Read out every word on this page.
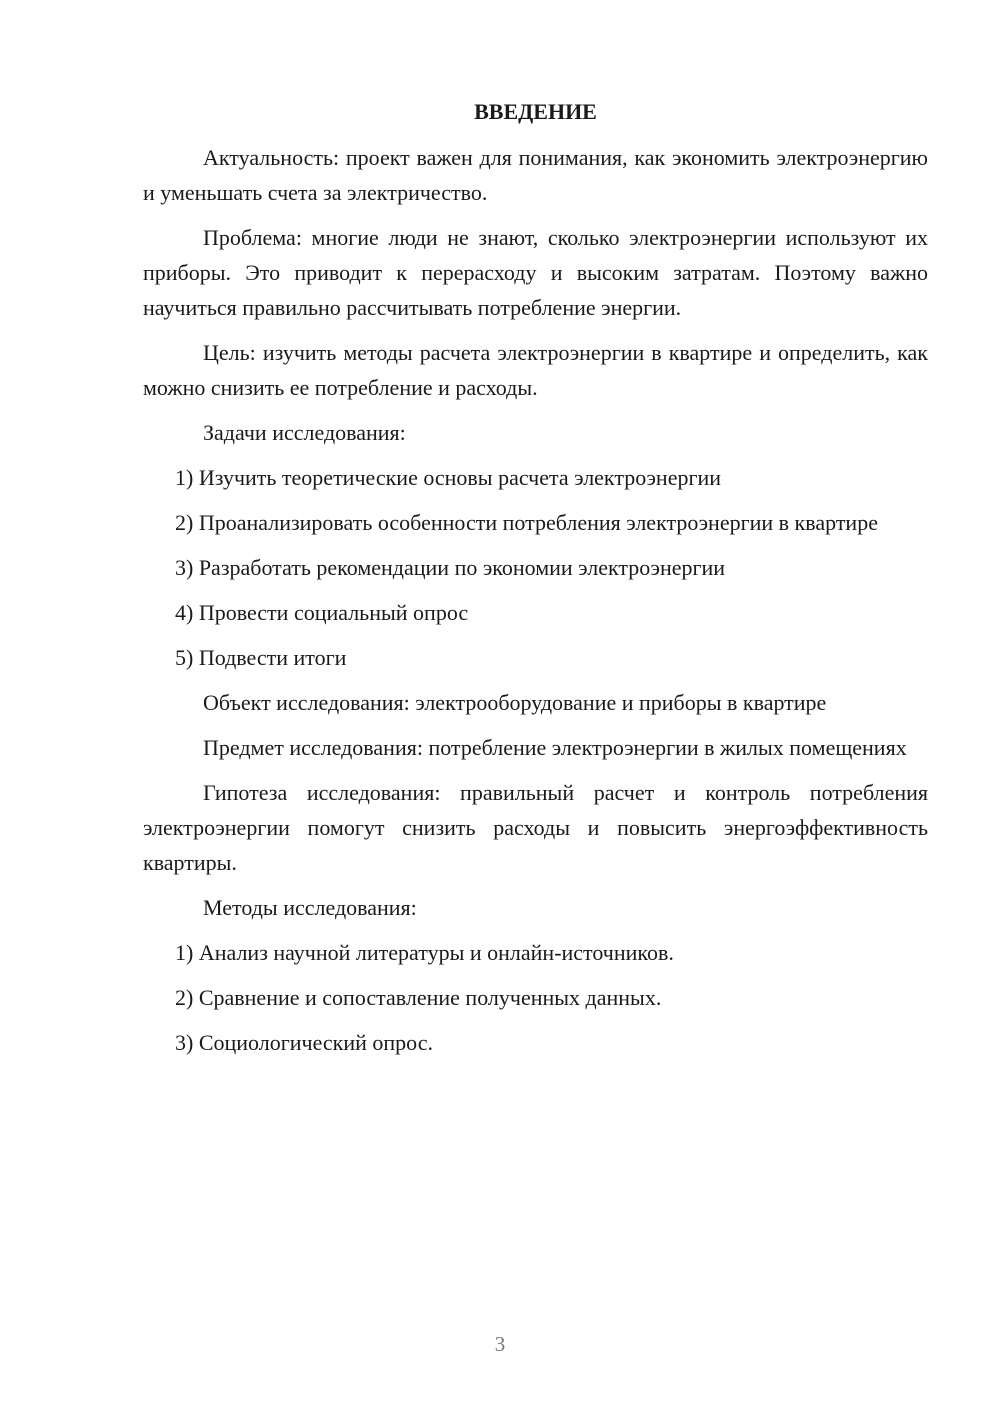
ВВЕДЕНИЕ

Актуальность: проект важен для понимания, как экономить электроэнергию и уменьшать счета за электричество.

Проблема: многие люди не знают, сколько электроэнергии используют их приборы. Это приводит к перерасходу и высоким затратам. Поэтому важно научиться правильно рассчитывать потребление энергии.

Цель: изучить методы расчета электроэнергии в квартире и определить, как можно снизить ее потребление и расходы.

Задачи исследования:

1) Изучить теоретические основы расчета электроэнергии

2) Проанализировать особенности потребления электроэнергии в квартире

3) Разработать рекомендации по экономии электроэнергии

4) Провести социальный опрос

5) Подвести итоги

Объект исследования: электрооборудование и приборы в квартире

Предмет исследования: потребление электроэнергии в жилых помещениях

Гипотеза исследования: правильный расчет и контроль потребления электроэнергии помогут снизить расходы и повысить энергоэффективность квартиры.

Методы исследования:

1) Анализ научной литературы и онлайн-источников.

2) Сравнение и сопоставление полученных данных.

3) Социологический опрос.

3
